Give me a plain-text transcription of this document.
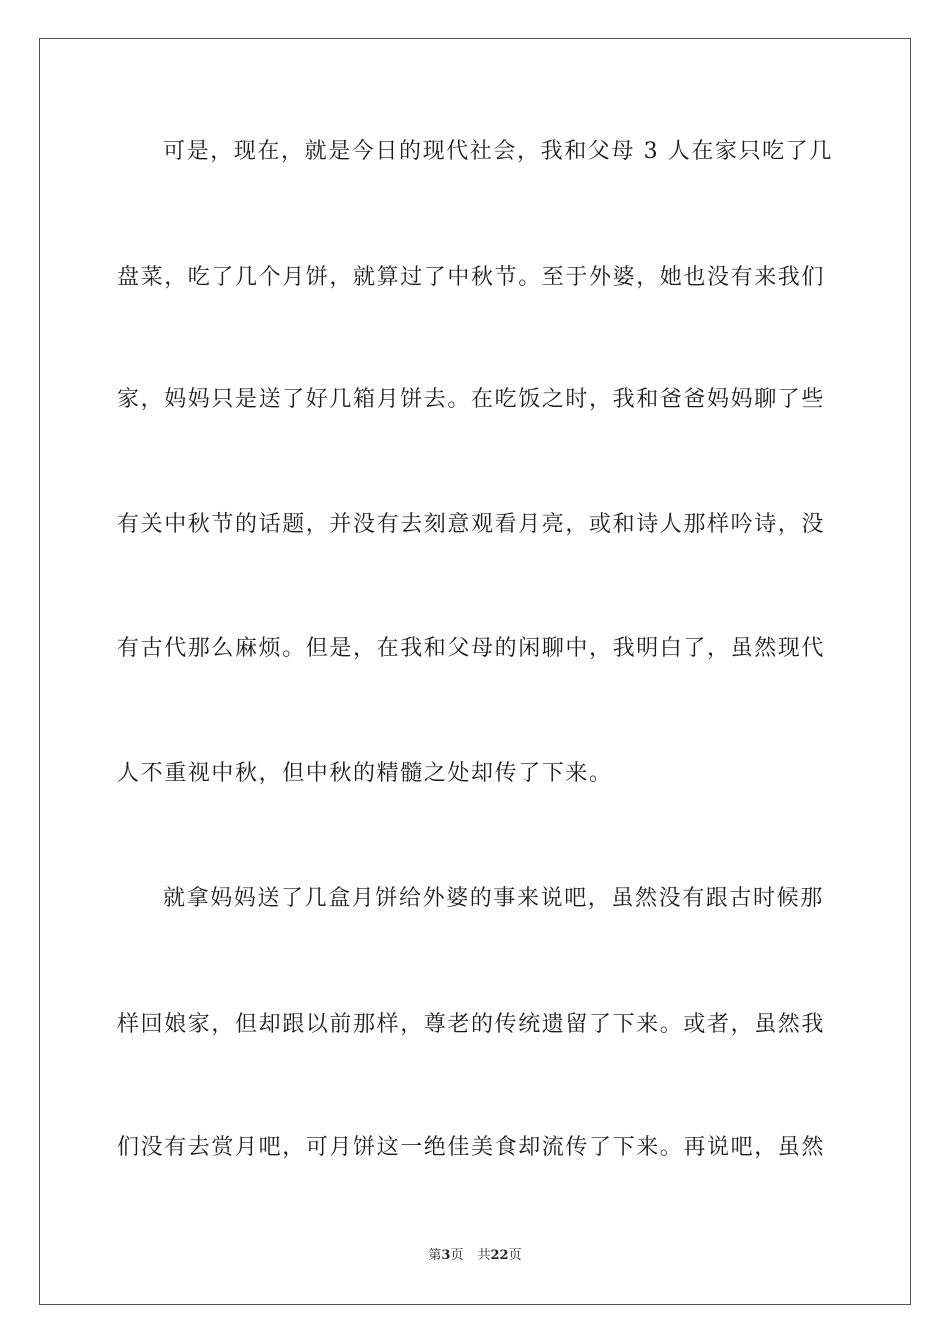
可是，现在，就是今日的现代社会，我和父母 3 人在家只吃了几
盘菜，吃了几个月饼，就算过了中秋节。至于外婆，她也没有来我们
家，妈妈只是送了好几箱月饼去。在吃饭之时，我和爸爸妈妈聊了些
有关中秋节的话题，并没有去刻意观看月亮，或和诗人那样吟诗，没
有古代那么麻烦。但是，在我和父母的闲聊中，我明白了，虽然现代
人不重视中秋，但中秋的精髓之处却传了下来。
就拿妈妈送了几盒月饼给外婆的事来说吧，虽然没有跟古时候那
样回娘家，但却跟以前那样，尊老的传统遗留了下来。或者，虽然我
们没有去赏月吧，可月饼这一绝佳美食却流传了下来。再说吧，虽然
第3页 共22页
